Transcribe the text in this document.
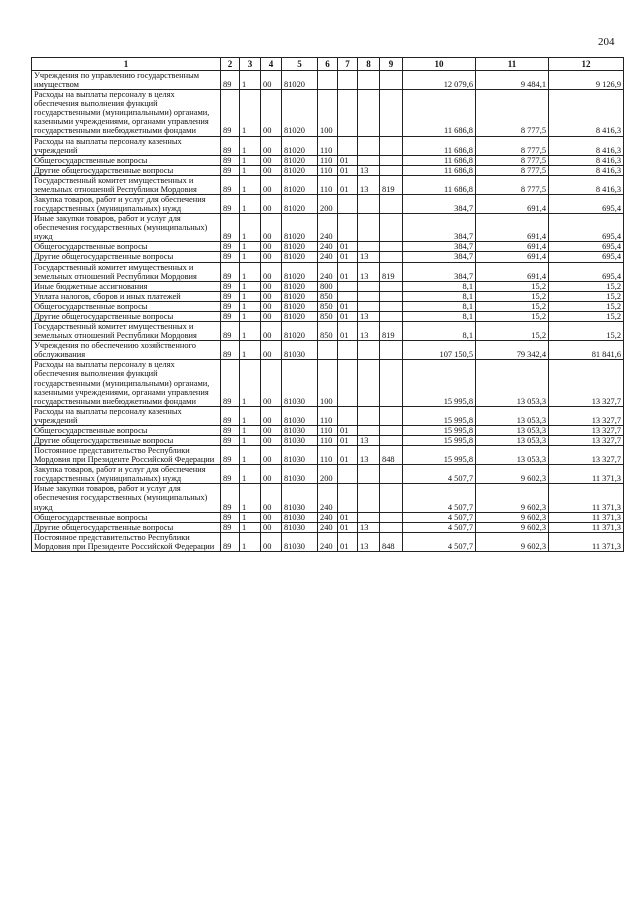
204
1	2	3	4	5	6	7	8	9	10	11	12
Учреждения по управлению государственным имуществом	89	1	00	81020					12 079,6	9 484,1	9 126,9
Расходы на выплаты персоналу в целях обеспечения выполнения функций государственными (муниципальными) органами, казенными учреждениями, органами управления государственными внебюджетными фондами	89	1	00	81020	100				11 686,8	8 777,5	8 416,3
Расходы на выплаты персоналу казенных учреждений	89	1	00	81020	110				11 686,8	8 777,5	8 416,3
Общегосударственные вопросы	89	1	00	81020	110	01			11 686,8	8 777,5	8 416,3
Другие общегосударственные вопросы	89	1	00	81020	110	01	13		11 686,8	8 777,5	8 416,3
Государственный комитет имущественных и земельных отношений Республики Мордовия	89	1	00	81020	110	01	13	819	11 686,8	8 777,5	8 416,3
Закупка товаров, работ и услуг для обеспечения государственных (муниципальных) нужд	89	1	00	81020	200				384,7	691,4	695,4
Иные закупки товаров, работ и услуг для обеспечения государственных (муниципальных) нужд	89	1	00	81020	240				384,7	691,4	695,4
Общегосударственные вопросы	89	1	00	81020	240	01			384,7	691,4	695,4
Другие общегосударственные вопросы	89	1	00	81020	240	01	13		384,7	691,4	695,4
Государственный комитет имущественных и земельных отношений Республики Мордовия	89	1	00	81020	240	01	13	819	384,7	691,4	695,4
Иные бюджетные ассигнования	89	1	00	81020	800				8,1	15,2	15,2
Уплата налогов, сборов и иных платежей	89	1	00	81020	850				8,1	15,2	15,2
Общегосударственные вопросы	89	1	00	81020	850	01			8,1	15,2	15,2
Другие общегосударственные вопросы	89	1	00	81020	850	01	13		8,1	15,2	15,2
Государственный комитет имущественных и земельных отношений Республики Мордовия	89	1	00	81020	850	01	13	819	8,1	15,2	15,2
Учреждения по обеспечению хозяйственного обслуживания	89	1	00	81030					107 150,5	79 342,4	81 841,6
Расходы на выплаты персоналу в целях обеспечения выполнения функций государственными (муниципальными) органами, казенными учреждениями, органами управления государственными внебюджетными фондами	89	1	00	81030	100				15 995,8	13 053,3	13 327,7
Расходы на выплаты персоналу казенных учреждений	89	1	00	81030	110				15 995,8	13 053,3	13 327,7
Общегосударственные вопросы	89	1	00	81030	110	01			15 995,8	13 053,3	13 327,7
Другие общегосударственные вопросы	89	1	00	81030	110	01	13		15 995,8	13 053,3	13 327,7
Постоянное представительство Республики Мордовия при Президенте Российской Федерации	89	1	00	81030	110	01	13	848	15 995,8	13 053,3	13 327,7
Закупка товаров, работ и услуг для обеспечения государственных (муниципальных) нужд	89	1	00	81030	200				4 507,7	9 602,3	11 371,3
Иные закупки товаров, работ и услуг для обеспечения государственных (муниципальных) нужд	89	1	00	81030	240				4 507,7	9 602,3	11 371,3
Общегосударственные вопросы	89	1	00	81030	240	01			4 507,7	9 602,3	11 371,3
Другие общегосударственные вопросы	89	1	00	81030	240	01	13		4 507,7	9 602,3	11 371,3
Постоянное представительство Республики Мордовия при Президенте Российской Федерации	89	1	00	81030	240	01	13	848	4 507,7	9 602,3	11 371,3
